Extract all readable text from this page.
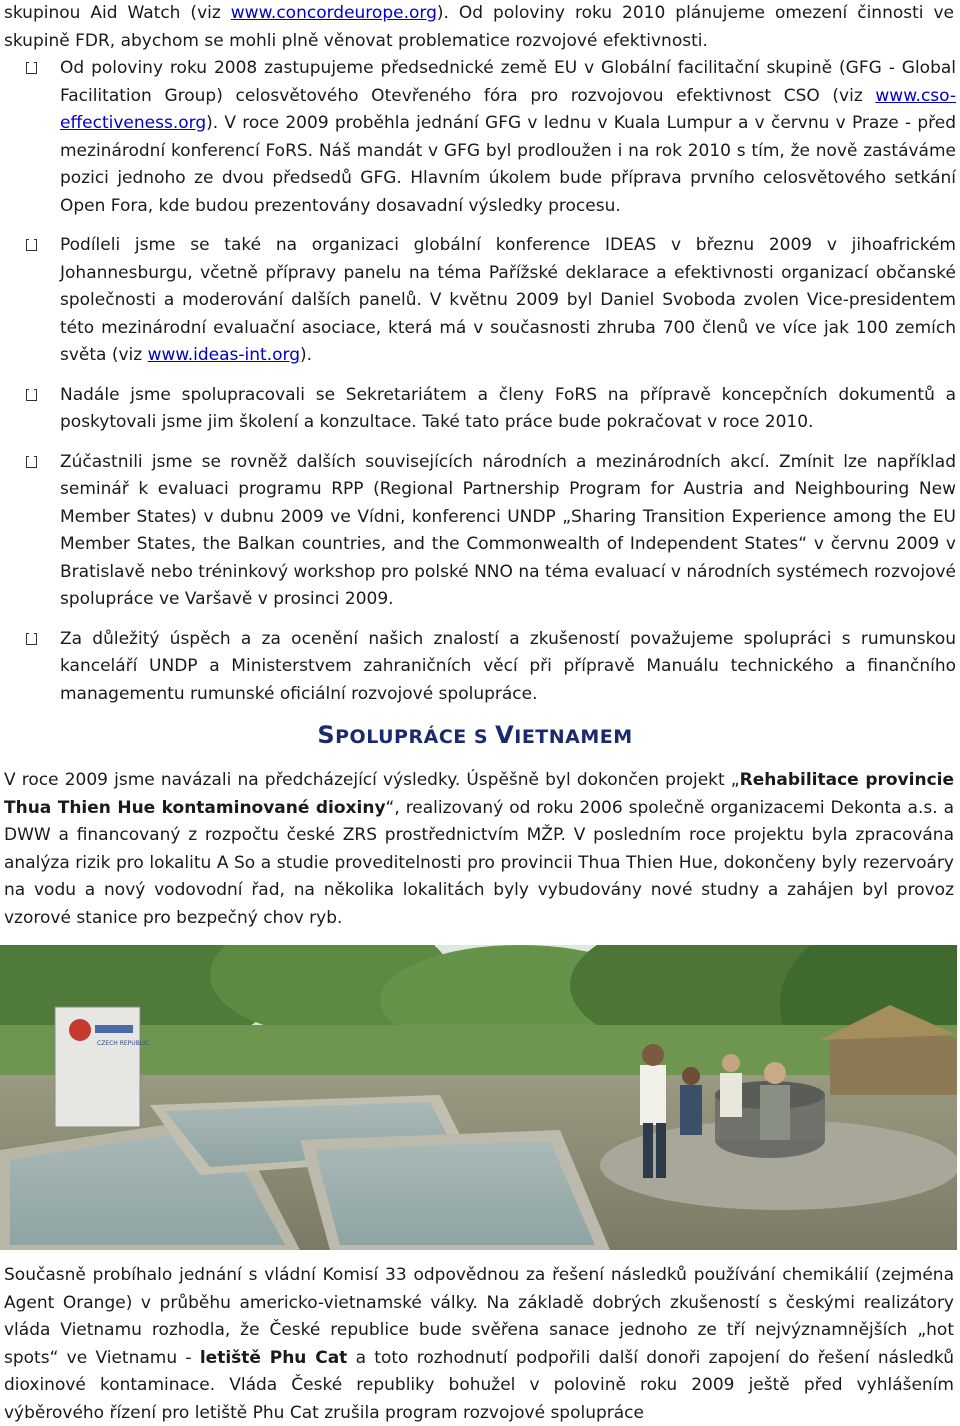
skupinou Aid Watch (viz www.concordeurope.org). Od poloviny roku 2010 plánujeme omezení činnosti ve skupině FDR, abychom se mohli plně věnovat problematice rozvojové efektivnosti.
Od poloviny roku 2008 zastupujeme předsednické země EU v Globální facilitační skupině (GFG - Global Facilitation Group) celosvětového Otevřeného fóra pro rozvojovou efektivnost CSO (viz www.cso-effectiveness.org). V roce 2009 proběhla jednání GFG v lednu v Kuala Lumpur a v červnu v Praze - před mezinárodní konferencí FoRS. Náš mandát v GFG byl prodloužen i na rok 2010 s tím, že nově zastáváme pozici jednoho ze dvou předsedů GFG. Hlavním úkolem bude příprava prvního celosvětového setkání Open Fora, kde budou prezentovány dosavadní výsledky procesu.
Podíleli jsme se také na organizaci globální konference IDEAS v březnu 2009 v jihoafrickém Johannesburgu, včetně přípravy panelu na téma Pařížské deklarace a efektivnosti organizací občanské společnosti a moderování dalších panelů. V květnu 2009 byl Daniel Svoboda zvolen Vice-presidentem této mezinárodní evaluační asociace, která má v současnosti zhruba 700 členů ve více jak 100 zemích světa (viz www.ideas-int.org).
Nadále jsme spolupracovali se Sekretariátem a členy FoRS na přípravě koncepčních dokumentů a poskytovali jsme jim školení a konzultace. Také tato práce bude pokračovat v roce 2010.
Zúčastnili jsme se rovněž dalších souvisejících národních a mezinárodních akcí. Zmínit lze například seminář k evaluaci programu RPP (Regional Partnership Program for Austria and Neighbouring New Member States) v dubnu 2009 ve Vídni, konferenci UNDP „Sharing Transition Experience among the EU Member States, the Balkan countries, and the Commonwealth of Independent States“ v červnu 2009 v Bratislavě nebo tréninkový workshop pro polské NNO na téma evaluací v národních systémech rozvojové spolupráce ve Varšavě v prosinci 2009.
Za důležitý úspěch a za ocenění našich znalostí a zkušeností považujeme spolupráci s rumunskou kanceláří UNDP a Ministerstvem zahraničních věcí při přípravě Manuálu technického a finančního managementu rumunské oficiální rozvojové spolupráce.
SPOLUPRÁCE S VIETNAMEM

V roce 2009 jsme navázali na předcházející výsledky. Úspěšně byl dokončen projekt „Rehabilitace provincie Thua Thien Hue kontaminované dioxiny“, realizovaný od roku 2006 společně organizacemi Dekonta a.s. a DWW a financovaný z rozpočtu české ZRS prostřednictvím MŽP. V posledním roce projektu byla zpracována analýza rizik pro lokalitu A So a studie proveditelnosti pro provincii Thua Thien Hue, dokončeny byly rezervoáry na vodu a nový vodovodní řad, na několika lokalitách byly vybudovány nové studny a zahájen byl provoz vzorové stanice pro bezpečný chov ryb.

CZECH REPUBLIC

Současně probíhalo jednání s vládní Komisí 33 odpovědnou za řešení následků používání chemikálií (zejména Agent Orange) v průběhu americko-vietnamské války. Na základě dobrých zkušeností s českými realizátory vláda Vietnamu rozhodla, že České republice bude svěřena sanace jednoho ze tří nejvýznamnějších „hot spots“ ve Vietnamu - letiště Phu Cat a toto rozhodnutí podpořili další donoři zapojení do řešení následků dioxinové kontaminace. Vláda České republiky bohužel v polovině roku 2009 ještě před vyhlášením výběrového řízení pro letiště Phu Cat zrušila program rozvojové spolupráce
